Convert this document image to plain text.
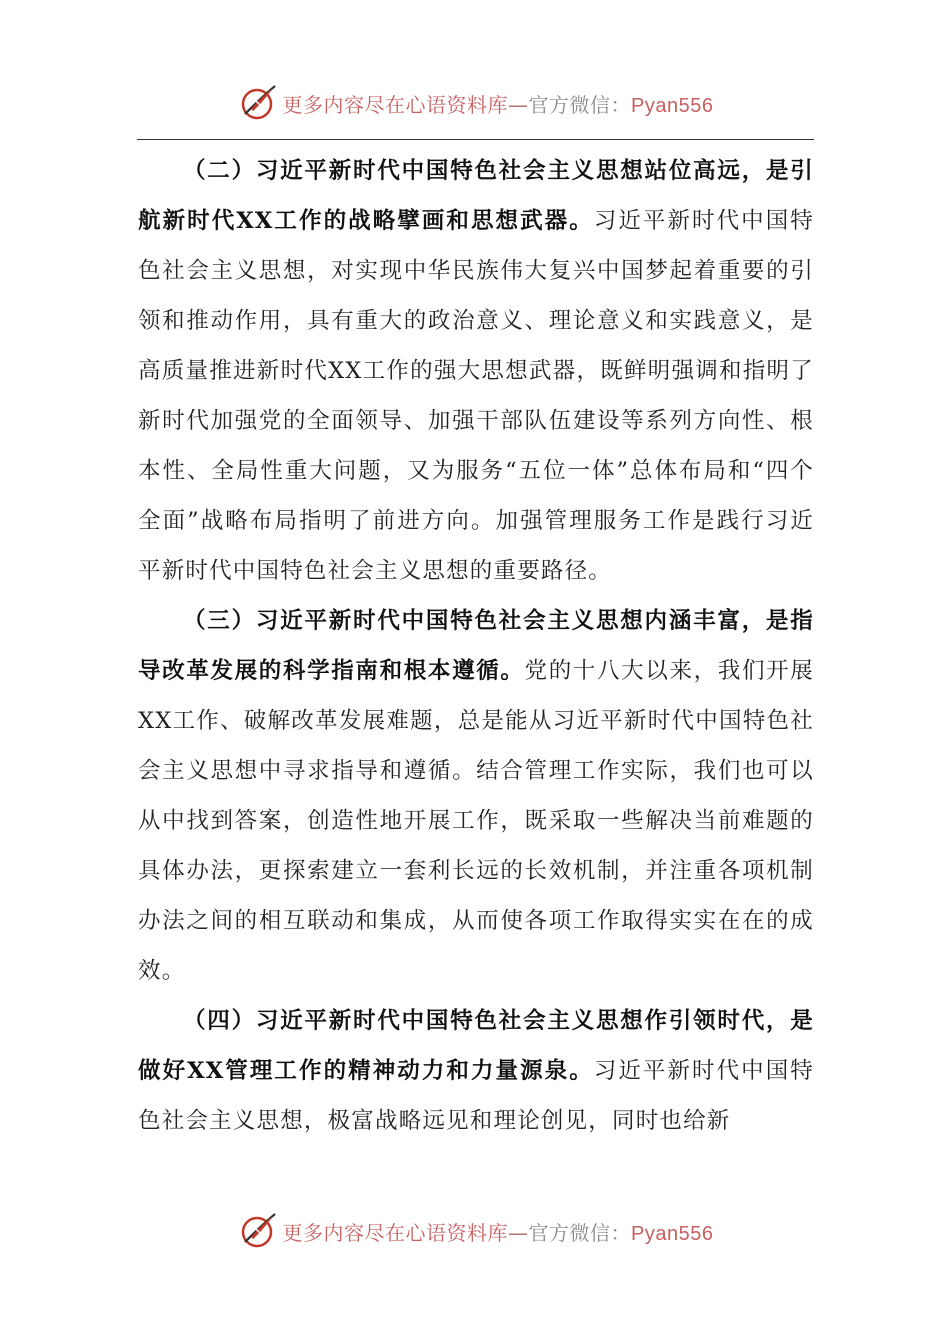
更多内容尽在心语资料库—官方微信：Pyan556

（二）习近平新时代中国特色社会主义思想站位高远，是引航新时代XX工作的战略擘画和思想武器。习近平新时代中国特色社会主义思想，对实现中华民族伟大复兴中国梦起着重要的引领和推动作用，具有重大的政治意义、理论意义和实践意义，是高质量推进新时代XX工作的强大思想武器，既鲜明强调和指明了新时代加强党的全面领导、加强干部队伍建设等系列方向性、根本性、全局性重大问题，又为服务“五位一体”总体布局和“四个全面”战略布局指明了前进方向。加强管理服务工作是践行习近平新时代中国特色社会主义思想的重要路径。

（三）习近平新时代中国特色社会主义思想内涵丰富，是指导改革发展的科学指南和根本遵循。党的十八大以来，我们开展XX工作、破解改革发展难题，总是能从习近平新时代中国特色社会主义思想中寻求指导和遵循。结合管理工作实际，我们也可以从中找到答案，创造性地开展工作，既采取一些解决当前难题的具体办法，更探索建立一套利长远的长效机制，并注重各项机制办法之间的相互联动和集成，从而使各项工作取得实实在在的成效。

（四）习近平新时代中国特色社会主义思想作引领时代，是做好XX管理工作的精神动力和力量源泉。习近平新时代中国特色社会主义思想，极富战略远见和理论创见，同时也给新

更多内容尽在心语资料库—官方微信：Pyan556
